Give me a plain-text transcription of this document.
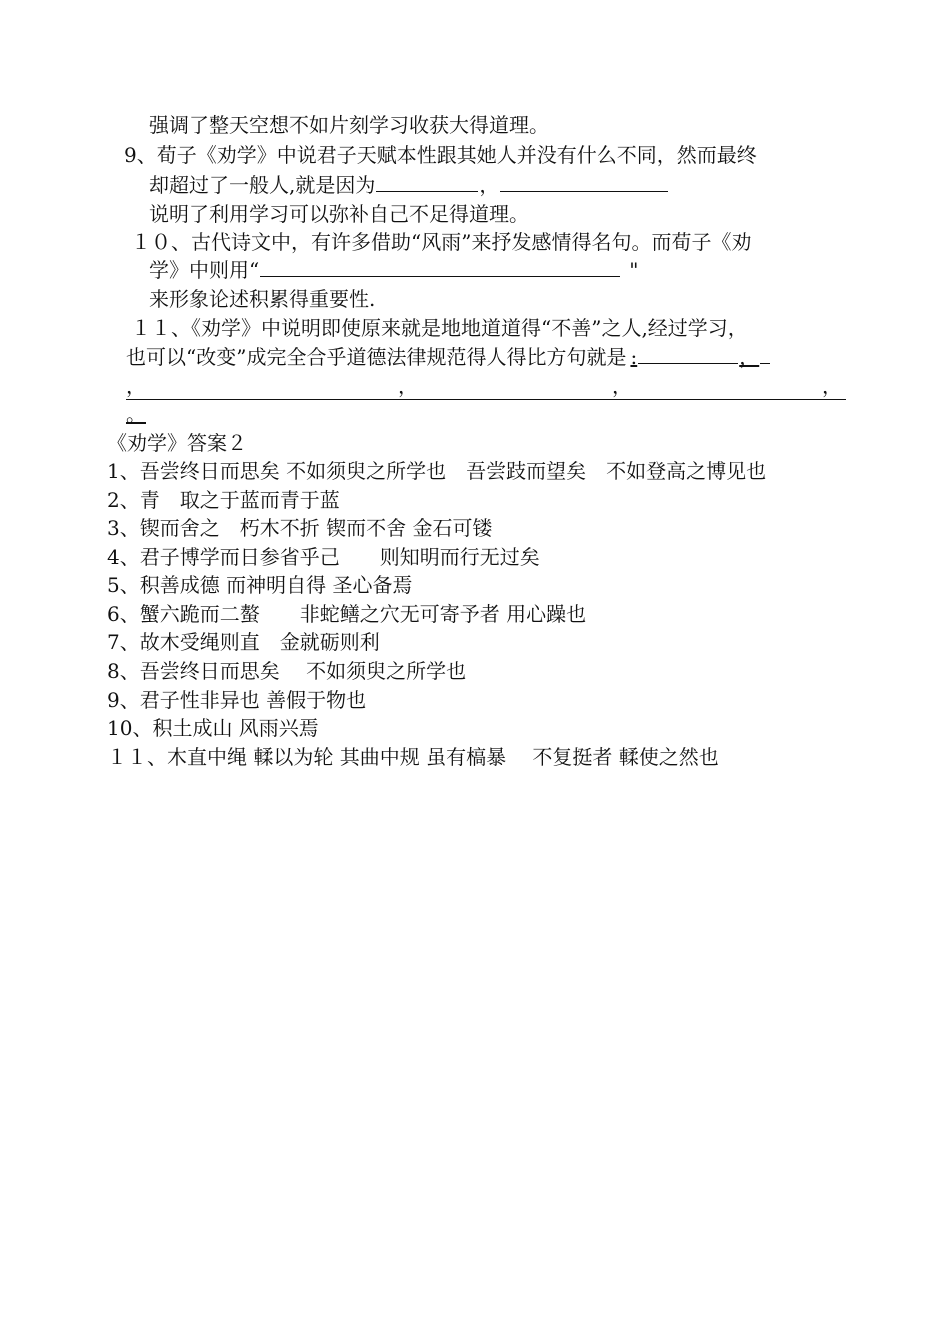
强调了整天空想不如片刻学习收获大得道理。
9、荀子《劝学》中说君子天赋本性跟其她人并没有什么不同，然而最终
却超过了一般人,就是因为	，
说明了利用学习可以弥补自己不足得道理。
１０、古代诗文中，有许多借助“风雨”来抒发感情得名句。而荀子《劝
学》中则用“	"
来形象论述积累得重要性.
１１、《劝学》中说明即使原来就是地地道道得“不善”之人,经过学习，
也可以“改变”成完全合乎道德法律规范得人得比方句就是 :	，
，	，	，	，
。
《劝学》答案２
1、吾尝终日而思矣 不如须臾之所学也　吾尝跂而望矣　不如登高之博见也
2、青　取之于蓝而青于蓝
3、锲而舍之　朽木不折 锲而不舍 金石可镂
4、君子博学而日参省乎己　　则知明而行无过矣
5、积善成德 而神明自得 圣心备焉
6、蟹六跪而二螯　　非蛇鳝之穴无可寄予者 用心躁也
7、故木受绳则直　金就砺则利
8、吾尝终日而思矣　 不如须臾之所学也
9、君子性非异也 善假于物也
10、积土成山 风雨兴焉
１１、木直中绳 輮以为轮 其曲中规 虽有槁暴　 不复挺者 輮使之然也
